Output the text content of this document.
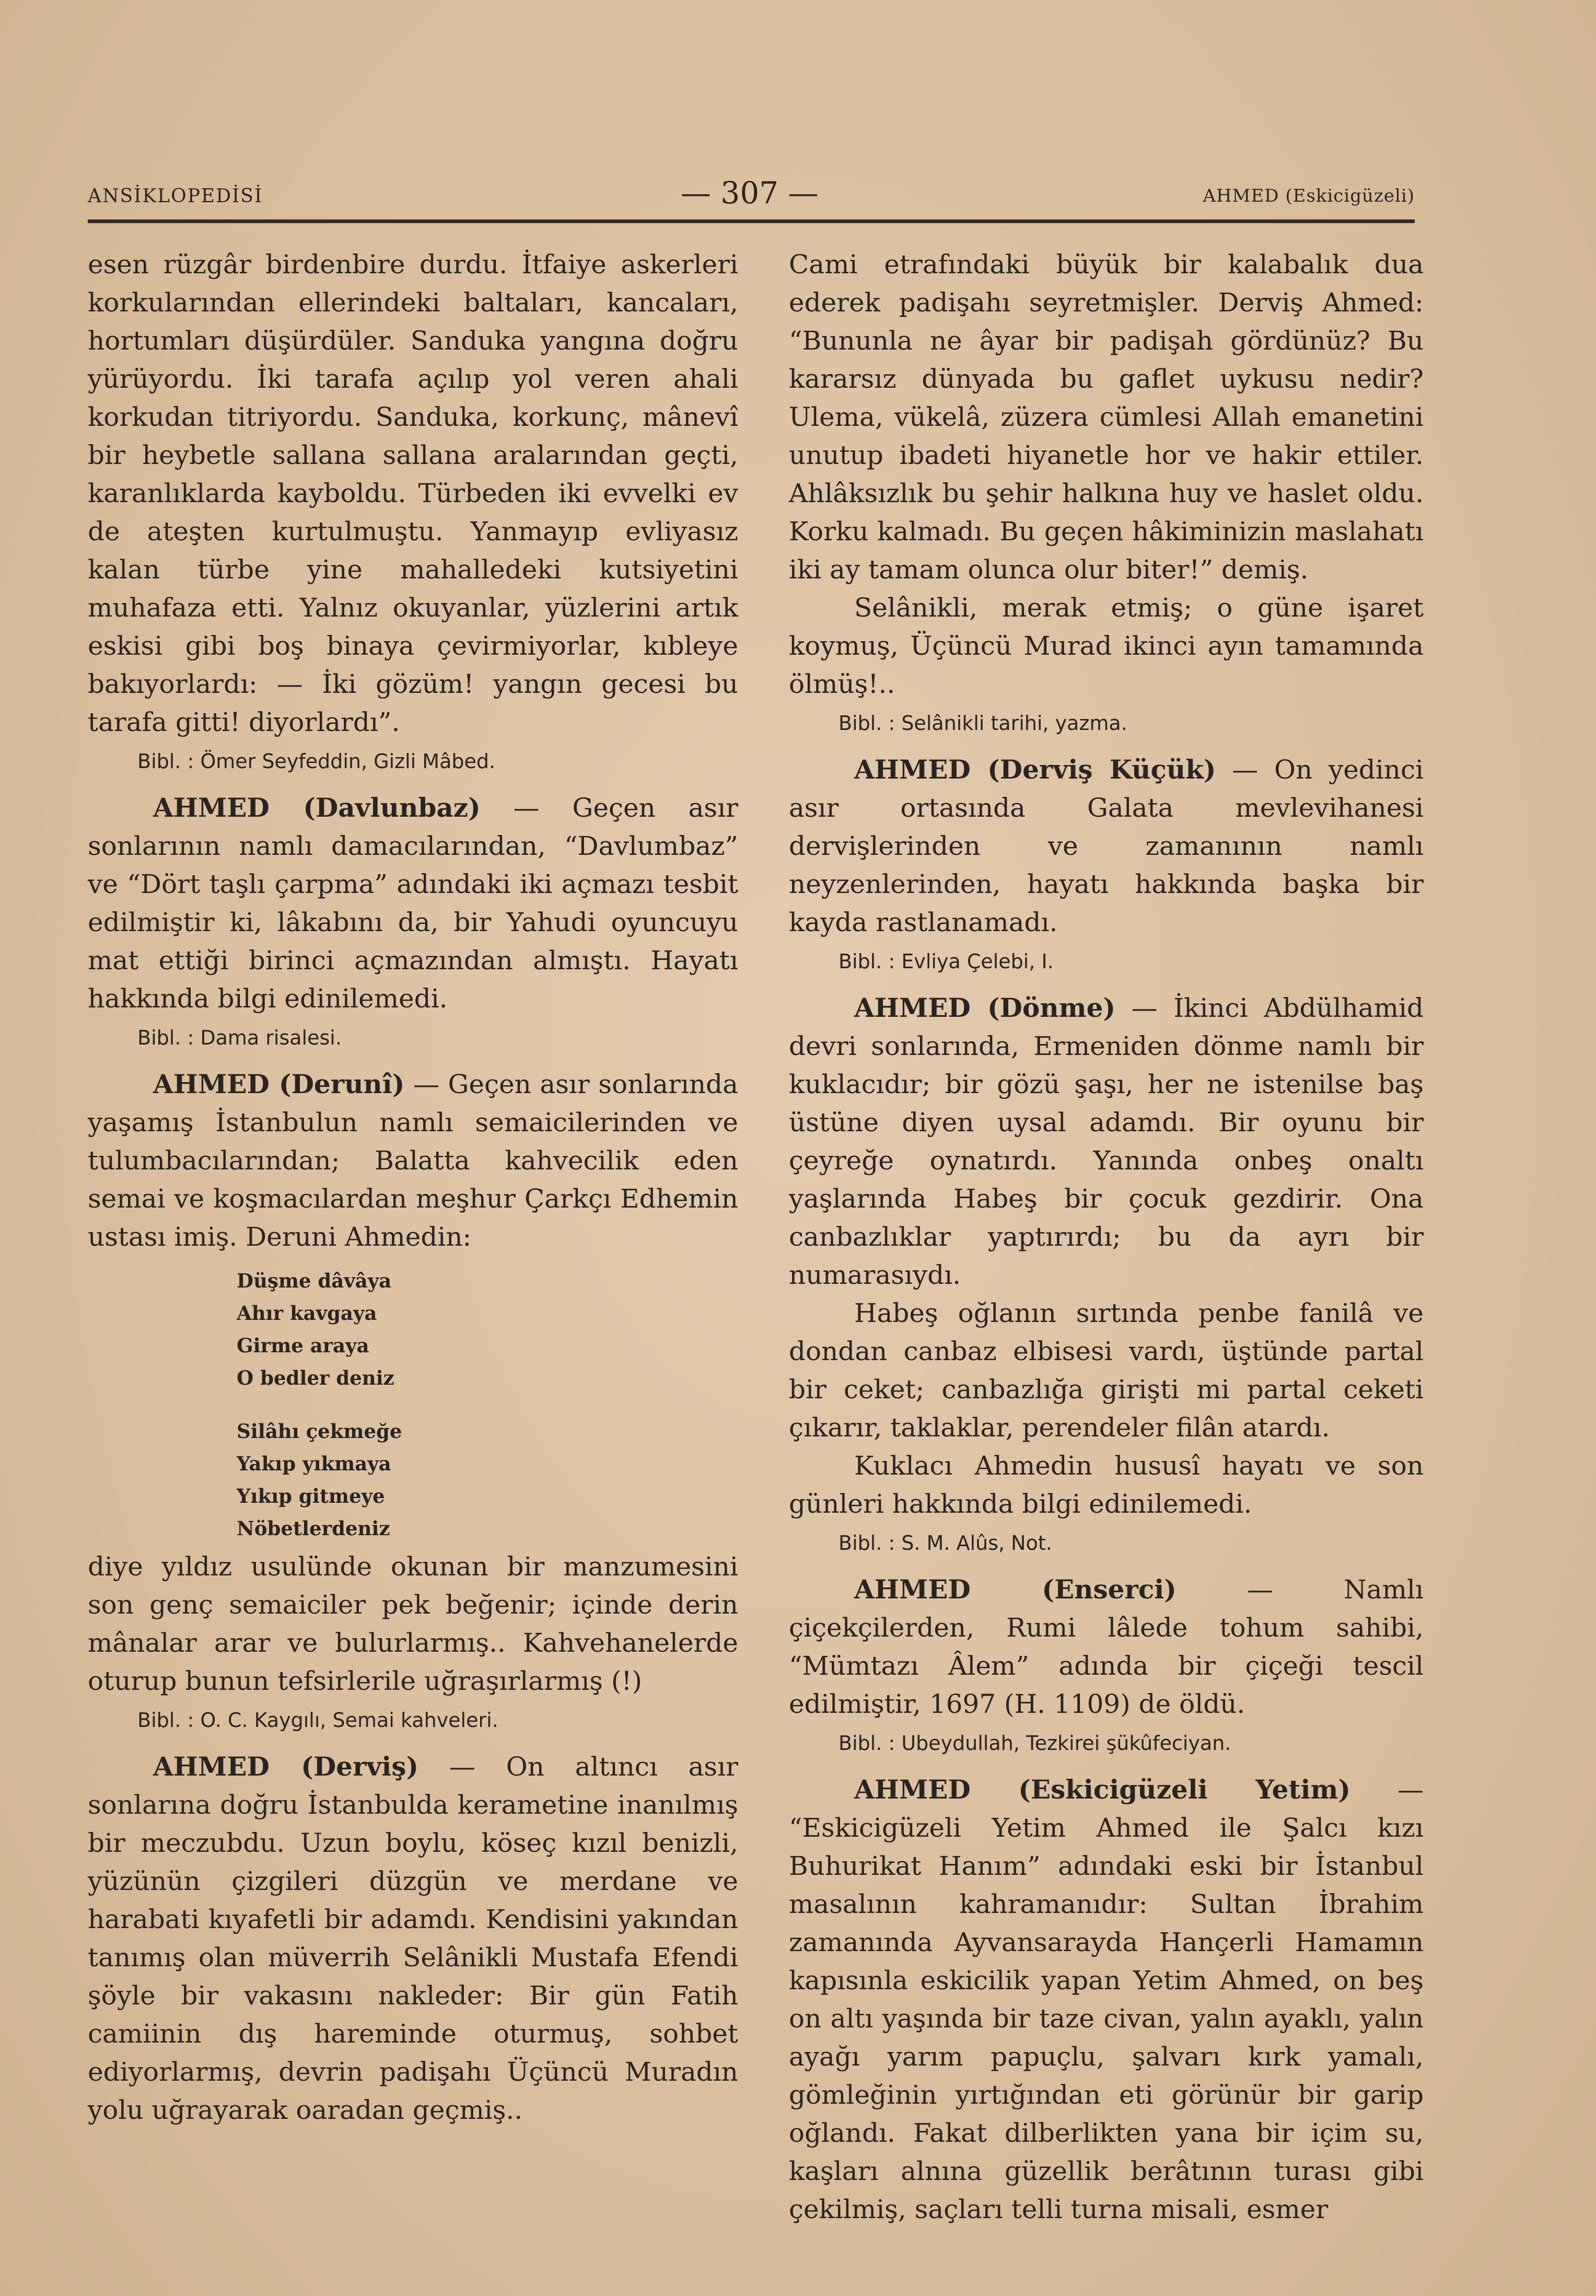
ANSİKLOPEDİSİ	— 307 —	AHMED (Eskicigüzeli)

esen rüzgâr birdenbire durdu. İtfaiye askerleri korkularından ellerindeki baltaları, kancaları, hortumları düşürdüler. Sanduka yangına doğru yürüyordu. İki tarafa açılıp yol veren ahali korkudan titriyordu. Sanduka, korkunç, mânevî bir heybetle sallana sallana aralarından geçti, karanlıklarda kayboldu. Türbeden iki evvelki ev de ateşten kurtulmuştu. Yanmayıp evliyasız kalan türbe yine mahalledeki kutsiyetini muhafaza etti. Yalnız okuyanlar, yüzlerini artık eskisi gibi boş binaya çevirmiyorlar, kıbleye bakıyorlardı: — İki gözüm! yangın gecesi bu tarafa gitti! diyorlardı”.

Bibl. : Ömer Seyfeddin, Gizli Mâbed.

AHMED (Davlunbaz) — Geçen asır sonlarının namlı damacılarından, “Davlumbaz” ve “Dört taşlı çarpma” adındaki iki açmazı tesbit edilmiştir ki, lâkabını da, bir Yahudi oyuncuyu mat ettiği birinci açmazından almıştı. Hayatı hakkında bilgi edinilemedi.

Bibl. : Dama risalesi.

AHMED (Derunî) — Geçen asır sonlarında yaşamış İstanbulun namlı semaicilerinden ve tulumbacılarından; Balatta kahvecilik eden semai ve koşmacılardan meşhur Çarkçı Edhemin ustası imiş. Deruni Ahmedin:

Düşme dâvâya
Ahır kavgaya
Girme araya
O bedler deniz
Silâhı çekmeğe
Yakıp yıkmaya
Yıkıp gitmeye
Nöbetlerdeniz

diye yıldız usulünde okunan bir manzumesini son genç semaiciler pek beğenir; içinde derin mânalar arar ve bulurlarmış.. Kahvehanelerde oturup bunun tefsirlerile uğraşırlarmış (!)

Bibl. : O. C. Kaygılı, Semai kahveleri.

AHMED (Derviş) — On altıncı asır sonlarına doğru İstanbulda kerametine inanılmış bir meczubdu. Uzun boylu, köseç kızıl benizli, yüzünün çizgileri düzgün ve merdane ve harabati kıyafetli bir adamdı. Kendisini yakından tanımış olan müverrih Selânikli Mustafa Efendi şöyle bir vakasını nakleder: Bir gün Fatih camiinin dış hareminde oturmuş, sohbet ediyorlarmış, devrin padişahı Üçüncü Muradın yolu uğrayarak oaradan geçmiş..

Cami etrafındaki büyük bir kalabalık dua ederek padişahı seyretmişler. Derviş Ahmed: “Bununla ne âyar bir padişah gördünüz? Bu kararsız dünyada bu gaflet uykusu nedir? Ulema, vükelâ, züzera cümlesi Allah emanetini unutup ibadeti hiyanetle hor ve hakir ettiler. Ahlâksızlık bu şehir halkına huy ve haslet oldu. Korku kalmadı. Bu geçen hâkiminizin maslahatı iki ay tamam olunca olur biter!” demiş.

Selânikli, merak etmiş; o güne işaret koymuş, Üçüncü Murad ikinci ayın tamamında ölmüş!..

Bibl. : Selânikli tarihi, yazma.

AHMED (Derviş Küçük) — On yedinci asır ortasında Galata mevlevihanesi dervişlerinden ve zamanının namlı neyzenlerinden, hayatı hakkında başka bir kayda rastlanamadı.

Bibl. : Evliya Çelebi, I.

AHMED (Dönme) — İkinci Abdülhamid devri sonlarında, Ermeniden dönme namlı bir kuklacıdır; bir gözü şaşı, her ne istenilse baş üstüne diyen uysal adamdı. Bir oyunu bir çeyreğe oynatırdı. Yanında onbeş onaltı yaşlarında Habeş bir çocuk gezdirir. Ona canbazlıklar yaptırırdı; bu da ayrı bir numarasıydı.

Habeş oğlanın sırtında penbe fanilâ ve dondan canbaz elbisesi vardı, üştünde partal bir ceket; canbazlığa girişti mi partal ceketi çıkarır, taklaklar, perendeler filân atardı.

Kuklacı Ahmedin hususî hayatı ve son günleri hakkında bilgi edinilemedi.

Bibl. : S. M. Alûs, Not.

AHMED (Enserci) — Namlı çiçekçilerden, Rumi lâlede tohum sahibi, “Mümtazı Âlem” adında bir çiçeği tescil edilmiştir, 1697 (H. 1109) de öldü.

Bibl. : Ubeydullah, Tezkirei şükûfeciyan.

AHMED (Eskicigüzeli Yetim) — “Eskicigüzeli Yetim Ahmed ile Şalcı kızı Buhurikat Hanım” adındaki eski bir İstanbul masalının kahramanıdır: Sultan İbrahim zamanında Ayvansarayda Hançerli Hamamın kapısınla eskicilik yapan Yetim Ahmed, on beş on altı yaşında bir taze civan, yalın ayaklı, yalın ayağı yarım papuçlu, şalvarı kırk yamalı, gömleğinin yırtığından eti görünür bir garip oğlandı. Fakat dilberlikten yana bir içim su, kaşları alnına güzellik berâtının turası gibi çekilmiş, saçları telli turna misali, esmer
